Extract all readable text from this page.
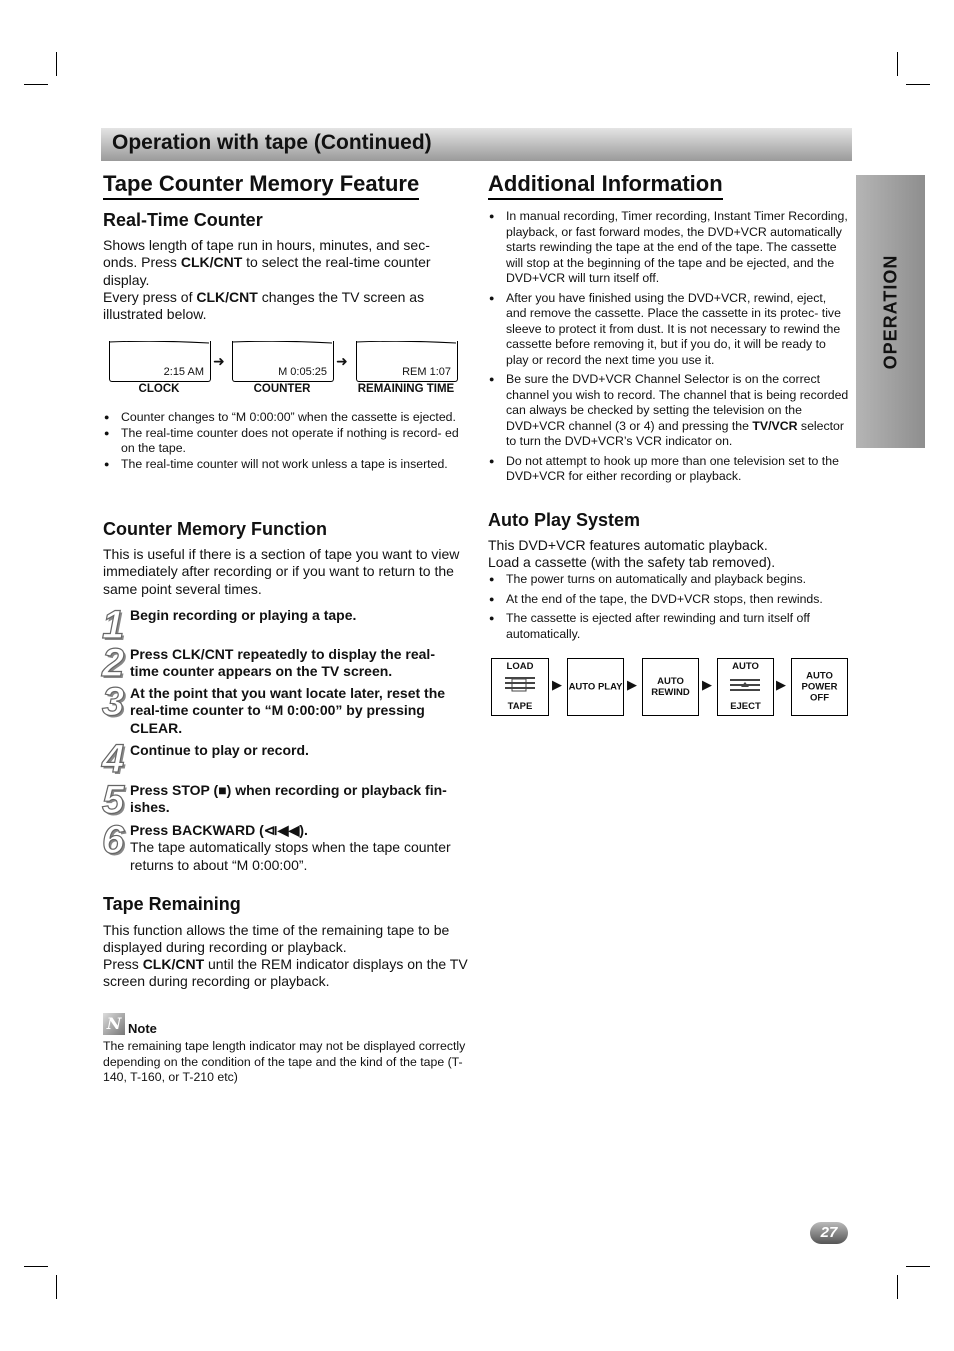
Operation with tape (Continued)
OPERATION
Tape Counter Memory Feature
Real-Time Counter

Shows length of tape run in hours, minutes, and sec- onds. Press CLK/CNT to select the real-time counter display.

Every press of CLK/CNT changes the TV screen as illustrated below.

2:15 AM	M 0:05:25	REM 1:07
➜	➜
CLOCK	COUNTER	REMAINING TIME
● Counter changes to “M 0:00:00” when the cassette is ejected.
● The real-time counter does not operate if nothing is record- ed on the tape.
● The real-time counter will not work unless a tape is inserted.
Counter Memory Function

This is useful if there is a section of tape you want to view immediately after recording or if you want to return to the same point several times.

1 Begin recording or playing a tape.
2 Press CLK/CNT repeatedly to display the real- time counter appears on the TV screen.
3 At the point that you want locate later, reset the real-time counter to “M 0:00:00” by pressing CLEAR.
4 Continue to play or record.
5 Press STOP (■) when recording or playback fin- ishes.
6 Press BACKWARD (⧏◀◀).
The tape automatically stops when the tape counter returns to about “M 0:00:00”.
Tape Remaining

This function allows the time of the remaining tape to be displayed during recording or playback.

Press CLK/CNT until the REM indicator displays on the TV screen during recording or playback.

N Note

The remaining tape length indicator may not be displayed correctly depending on the condition of the tape and the kind of the tape (T-140, T-160, or T-210 etc)

Additional Information
● In manual recording, Timer recording, Instant Timer Recording, playback, or fast forward modes, the DVD+VCR automatically starts rewinding the tape at the end of the tape. The cassette will stop at the beginning of the tape and be ejected, and the DVD+VCR will turn itself off.
● After you have finished using the DVD+VCR, rewind, eject, and remove the cassette. Place the cassette in its protec- tive sleeve to protect it from dust. It is not necessary to rewind the cassette before removing it, but if you do, it will be ready to play or record the next time you use it.
● Be sure the DVD+VCR Channel Selector is on the correct channel you wish to record. The channel that is being recorded can always be checked by setting the television on the DVD+VCR channel (3 or 4) and pressing the TV/VCR selector to turn the DVD+VCR’s VCR indicator on.
● Do not attempt to hook up more than one television set to the DVD+VCR for either recording or playback.
Auto Play System

This DVD+VCR features automatic playback.
Load a cassette (with the safety tab removed).

● The power turns on automatically and playback begins.
● At the end of the tape, the DVD+VCR stops, then rewinds.
● The cassette is ejected after rewinding and turn itself off automatically.
LOAD
TAPE
▶ AUTO PLAY ▶	AUTO REWIND
▶
AUTO
EJECT
▶
AUTO POWER OFF
27
